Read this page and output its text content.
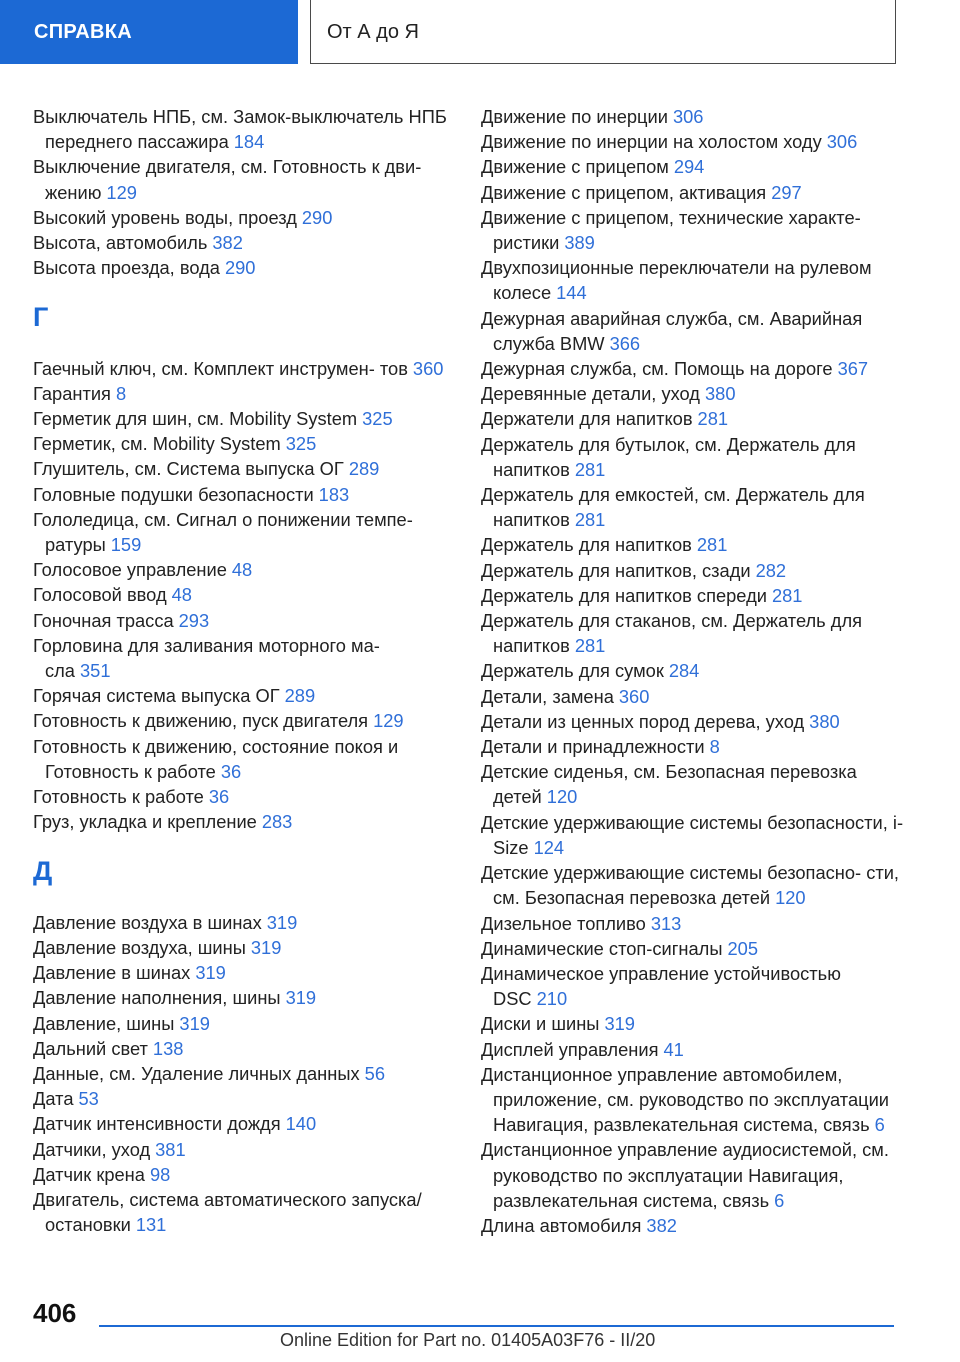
СПРАВКА	От А до Я

Выключатель НПБ, см. Замок-выключатель НПБ переднего пассажира 184

Выключение двигателя, см. Готовность к дви- жению 129

Высокий уровень воды, проезд 290

Высота, автомобиль 382

Высота проезда, вода 290

Г

Гаечный ключ, см. Комплект инструмен- тов 360

Гарантия 8

Герметик для шин, см. Mobility System 325

Герметик, см. Mobility System 325

Глушитель, см. Система выпуска ОГ 289

Головные подушки безопасности 183

Гололедица, см. Сигнал о понижении темпе- ратуры 159

Голосовое управление 48

Голосовой ввод 48

Гоночная трасса 293

Горловина для заливания моторного ма- сла 351

Горячая система выпуска ОГ 289

Готовность к движению, пуск двигателя 129

Готовность к движению, состояние покоя и Готовность к работе 36

Готовность к работе 36

Груз, укладка и крепление 283

Д

Давление воздуха в шинах 319

Давление воздуха, шины 319

Давление в шинах 319

Давление наполнения, шины 319

Давление, шины 319

Дальний свет 138

Данные, см. Удаление личных данных 56

Дата 53

Датчик интенсивности дождя 140

Датчики, уход 381

Датчик крена 98

Двигатель, система автоматического запуска/ остановки 131

Движение по инерции 306

Движение по инерции на холостом ходу 306

Движение с прицепом 294

Движение с прицепом, активация 297

Движение с прицепом, технические характе- ристики 389

Двухпозиционные переключатели на рулевом колесе 144

Дежурная аварийная служба, см. Аварийная служба BMW 366

Дежурная служба, см. Помощь на дороге 367

Деревянные детали, уход 380

Держатели для напитков 281

Держатель для бутылок, см. Держатель для напитков 281

Держатель для емкостей, см. Держатель для напитков 281

Держатель для напитков 281

Держатель для напитков, сзади 282

Держатель для напитков спереди 281

Держатель для стаканов, см. Держатель для напитков 281

Держатель для сумок 284

Детали, замена 360

Детали из ценных пород дерева, уход 380

Детали и принадлежности 8

Детские сиденья, см. Безопасная перевозка детей 120

Детские удерживающие системы безопасности, i-Size 124

Детские удерживающие системы безопасно- сти, см. Безопасная перевозка детей 120

Дизельное топливо 313

Динамические стоп-сигналы 205

Динамическое управление устойчивостью DSC 210

Диски и шины 319

Дисплей управления 41

Дистанционное управление автомобилем, приложение, см. руководство по эксплуатации Навигация, развлекательная система, связь 6

Дистанционное управление аудиосистемой, см. руководство по эксплуатации Навигация, развлекательная система, связь 6

Длина автомобиля 382

406
Online Edition for Part no. 01405A03F76 - II/20
